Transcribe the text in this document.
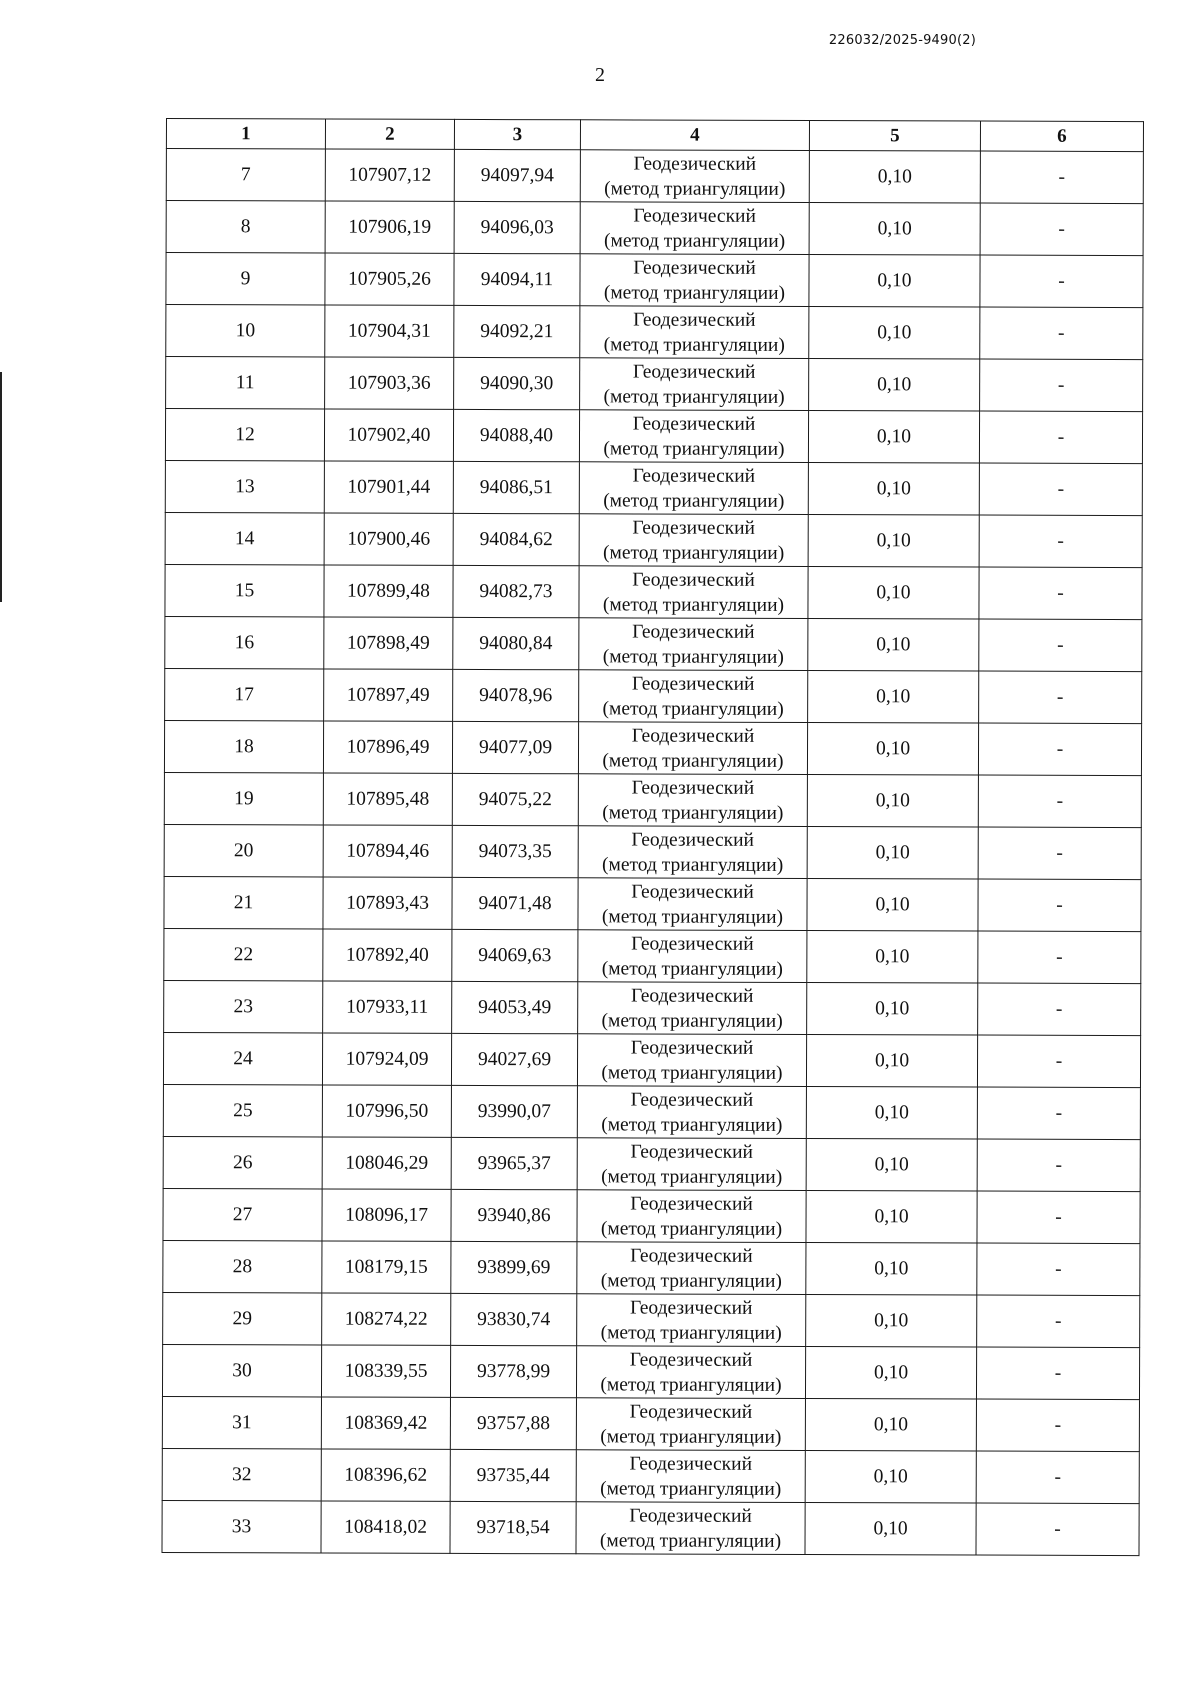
226032/2025-9490(2)
2
1	2	3	4	5	6
7	107907,12	94097,94	Геодезический
(метод триангуляции)	0,10	-
8	107906,19	94096,03	Геодезический
(метод триангуляции)	0,10	-
9	107905,26	94094,11	Геодезический
(метод триангуляции)	0,10	-
10	107904,31	94092,21	Геодезический
(метод триангуляции)	0,10	-
11	107903,36	94090,30	Геодезический
(метод триангуляции)	0,10	-
12	107902,40	94088,40	Геодезический
(метод триангуляции)	0,10	-
13	107901,44	94086,51	Геодезический
(метод триангуляции)	0,10	-
14	107900,46	94084,62	Геодезический
(метод триангуляции)	0,10	-
15	107899,48	94082,73	Геодезический
(метод триангуляции)	0,10	-
16	107898,49	94080,84	Геодезический
(метод триангуляции)	0,10	-
17	107897,49	94078,96	Геодезический
(метод триангуляции)	0,10	-
18	107896,49	94077,09	Геодезический
(метод триангуляции)	0,10	-
19	107895,48	94075,22	Геодезический
(метод триангуляции)	0,10	-
20	107894,46	94073,35	Геодезический
(метод триангуляции)	0,10	-
21	107893,43	94071,48	Геодезический
(метод триангуляции)	0,10	-
22	107892,40	94069,63	Геодезический
(метод триангуляции)	0,10	-
23	107933,11	94053,49	Геодезический
(метод триангуляции)	0,10	-
24	107924,09	94027,69	Геодезический
(метод триангуляции)	0,10	-
25	107996,50	93990,07	Геодезический
(метод триангуляции)	0,10	-
26	108046,29	93965,37	Геодезический
(метод триангуляции)	0,10	-
27	108096,17	93940,86	Геодезический
(метод триангуляции)	0,10	-
28	108179,15	93899,69	Геодезический
(метод триангуляции)	0,10	-
29	108274,22	93830,74	Геодезический
(метод триангуляции)	0,10	-
30	108339,55	93778,99	Геодезический
(метод триангуляции)	0,10	-
31	108369,42	93757,88	Геодезический
(метод триангуляции)	0,10	-
32	108396,62	93735,44	Геодезический
(метод триангуляции)	0,10	-
33	108418,02	93718,54	Геодезический
(метод триангуляции)	0,10	-
